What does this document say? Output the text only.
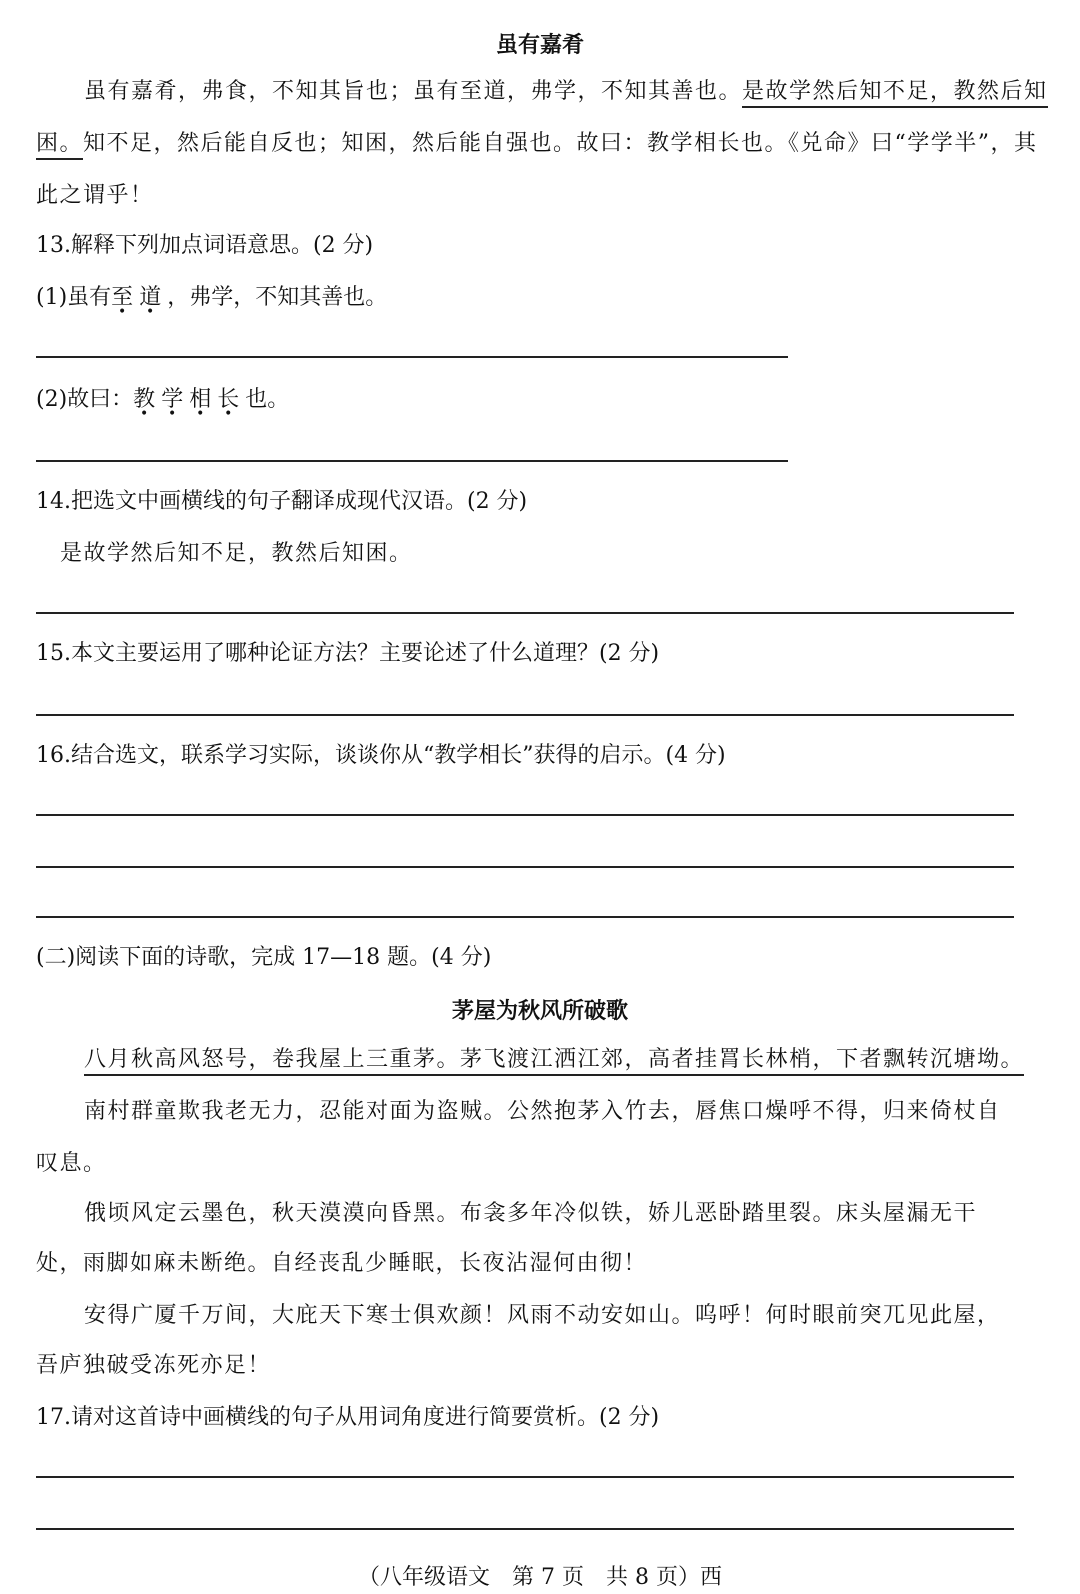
虽有嘉肴
虽有嘉肴，弗食，不知其旨也；虽有至道，弗学，不知其善也。是故学然后知不足，教然后知
困。知不足，然后能自反也；知困，然后能自强也。故曰：教学相长也。《兑命》曰“学学半”，其
此之谓乎！
13.解释下列加点词语意思。(2 分)
(1)虽有至道，弗学，不知其善也。
(2)故曰：教学相长也。
14.把选文中画横线的句子翻译成现代汉语。(2 分)
是故学然后知不足，教然后知困。
15.本文主要运用了哪种论证方法？主要论述了什么道理？(2 分)
16.结合选文，联系学习实际，谈谈你从“教学相长”获得的启示。(4 分)
(二)阅读下面的诗歌，完成 17—18 题。(4 分)
茅屋为秋风所破歌
八月秋高风怒号，卷我屋上三重茅。茅飞渡江洒江郊，高者挂罥长林梢，下者飘转沉塘坳。
南村群童欺我老无力，忍能对面为盗贼。公然抱茅入竹去，唇焦口燥呼不得，归来倚杖自
叹息。
俄顷风定云墨色，秋天漠漠向昏黑。布衾多年冷似铁，娇儿恶卧踏里裂。床头屋漏无干
处，雨脚如麻未断绝。自经丧乱少睡眠，长夜沾湿何由彻！
安得广厦千万间，大庇天下寒士俱欢颜！风雨不动安如山。呜呼！何时眼前突兀见此屋，
吾庐独破受冻死亦足！
17.请对这首诗中画横线的句子从用词角度进行简要赏析。(2 分)
（八年级语文　第 7 页　共 8 页）西
